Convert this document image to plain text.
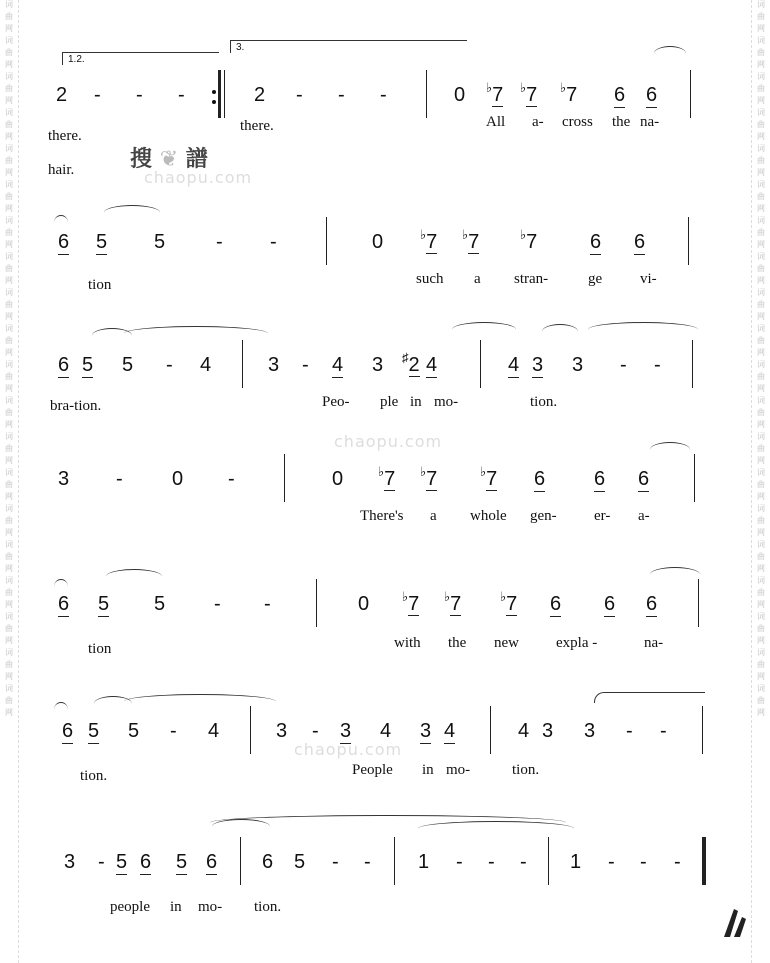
词
曲
网
词
曲
网
词
曲
网
词
曲
网
词
曲
网
词
曲
网
词
曲
网
词
曲
网
词
曲
网
词
曲
网
词
曲
网
词
曲
网
词
曲
网
词
曲
网
词
曲
网
词
曲
网
词
曲
网
词
曲
网
词
曲
网
词
曲
网
词
曲
网
词
曲
网
词
曲
网
词
曲
网
词
曲
网
词
曲
网
词
曲
网
词
曲
网
词
曲
网
词
曲
网
词
曲
网
词
曲
网
词
曲
网
词
曲
网
词
曲
网
词
曲
网
词
曲
网
词
曲
网
词
曲
网
词
曲
网
搜 ❦ 譜
chaopu.com
chaopu.com
chaopu.com
1.2.
3.
2 - - -	2 - - -	0 ♭7 ♭7 ♭7 6 6
there.
there.	All a- cross the na-
hair.
6 5 5	- -	0	♭7 ♭7	♭7	6 6
tion	such a stran-	ge	vi-
6 5 5 - 4	3 - 4 3 ♯2 4	4 3 3 - -
bra-tion.	Peo- ple in mo-	tion.
3 - 0 -	0	♭7 ♭7	♭7 6 6 6
There's a whole gen- er- a-
6 5 5 - -	0	♭7 ♭7	♭7 6 6 6
tion	with the new expla -	na-
6 5 5 - 4	3 - 3 4 3 4	4 3 3 - -
tion.	People in mo-	tion.
3 - 5 6 5 6 6 5 - - 1 - - - 1 - - -
people in mo- tion.
